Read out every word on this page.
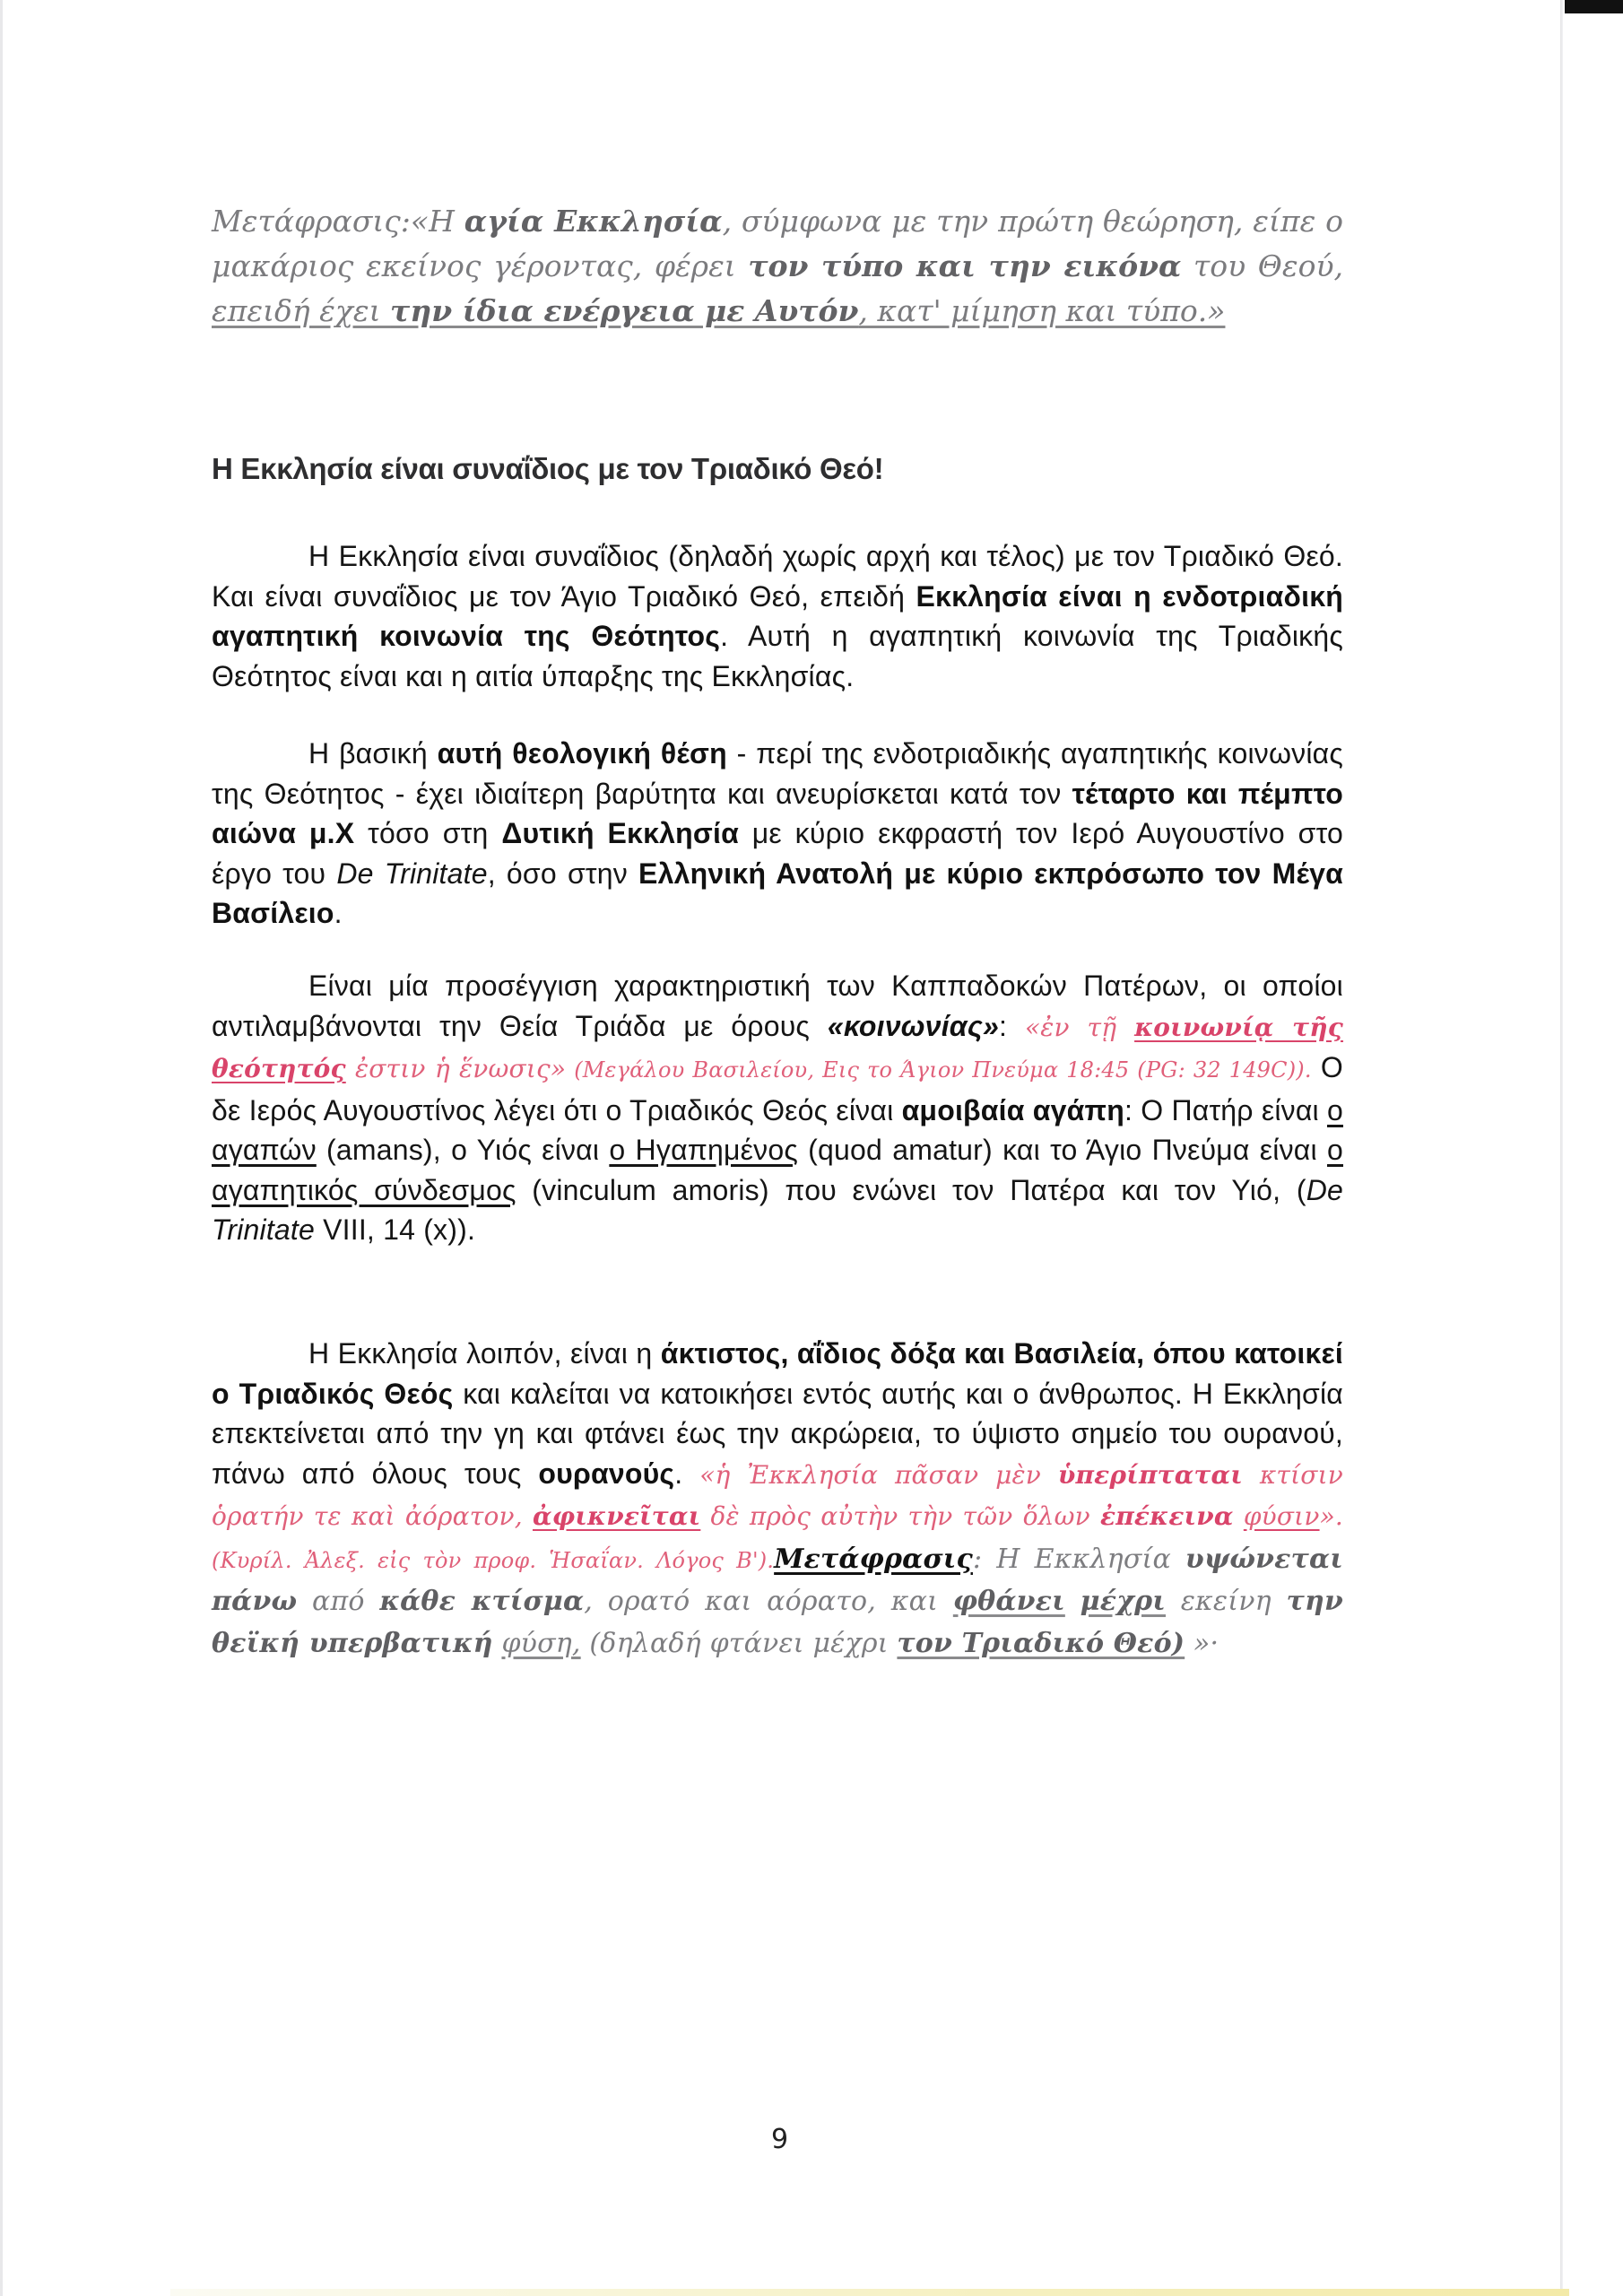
Μετάφρασις:«Η αγία Εκκλησία, σύμφωνα με την πρώτη θεώρηση, είπε ο μακάριος εκείνος γέροντας, φέρει τον τύπο και την εικόνα του Θεού, επειδή έχει την ίδια ενέργεια με Αυτόν, κατ' μίμηση και τύπο.»

Η Εκκλησία είναι συναΐδιος με τον Τριαδικό Θεό!

Η Εκκλησία είναι συναΐδιος (δηλαδή χωρίς αρχή και τέλος) με τον Τριαδικό Θεό. Και είναι συναΐδιος με τον Άγιο Τριαδικό Θεό, επειδή Εκκλησία είναι η ενδοτριαδική αγαπητική κοινωνία της Θεότητος. Αυτή η αγαπητική κοινωνία της Τριαδικής Θεότητος είναι και η αιτία ύπαρξης της Εκκλησίας.

Η βασική αυτή θεολογική θέση - περί της ενδοτριαδικής αγαπητικής κοινωνίας της Θεότητος - έχει ιδιαίτερη βαρύτητα και ανευρίσκεται κατά τον τέταρτο και πέμπτο αιώνα μ.Χ τόσο στη Δυτική Εκκλησία με κύριο εκφραστή τον Ιερό Αυγουστίνο στο έργο του De Trinitate, όσο στην Ελληνική Ανατολή με κύριο εκπρόσωπο τον Μέγα Βασίλειο.

Είναι μία προσέγγιση χαρακτηριστική των Καππαδοκών Πατέρων, οι οποίοι αντιλαμβάνονται την Θεία Τριάδα με όρους «κοινωνίας»: «ἐν τῇ κοινωνίᾳ τῆς θεότητός ἐστιν ἡ ἕνωσις» (Μεγάλου Βασιλείου, Εις το Άγιον Πνεύμα 18:45 (PG: 32 149C)). Ο δε Ιερός Αυγουστίνος λέγει ότι ο Τριαδικός Θεός είναι αμοιβαία αγάπη: Ο Πατήρ είναι ο αγαπών (amans), ο Υιός είναι ο Ηγαπημένος (quod amatur) και το Άγιο Πνεύμα είναι ο αγαπητικός σύνδεσμος (vinculum amoris) που ενώνει τον Πατέρα και τον Υιό, (De Trinitate VIII, 14 (x)).

Η Εκκλησία λοιπόν, είναι η άκτιστος, αΐδιος δόξα και Βασιλεία, όπου κατοικεί ο Τριαδικός Θεός και καλείται να κατοικήσει εντός αυτής και ο άνθρωπος. Η Εκκλησία επεκτείνεται από την γη και φτάνει έως την ακρώρεια, το ύψιστο σημείο του ουρανού, πάνω από όλους τους ουρανούς. «ἡ Ἐκκλησία πᾶσαν μὲν ὑπερίπταται κτίσιν ὁρατήν τε καὶ ἀόρατον, ἀφικνεῖται δὲ πρὸς αὐτὴν τὴν τῶν ὅλων ἐπέκεινα φύσιν». (Κυρίλ. Ἀλεξ. εἰς τὸν προφ. Ἡσαΐαν. Λόγος Β').Μετάφρασις: Η Εκκλησία υψώνεται πάνω από κάθε κτίσμα, ορατό και αόρατο, και φθάνει μέχρι εκείνη την θεϊκή υπερβατική φύση, (δηλαδή φτάνει μέχρι τον Τριαδικό Θεό) »·

9
